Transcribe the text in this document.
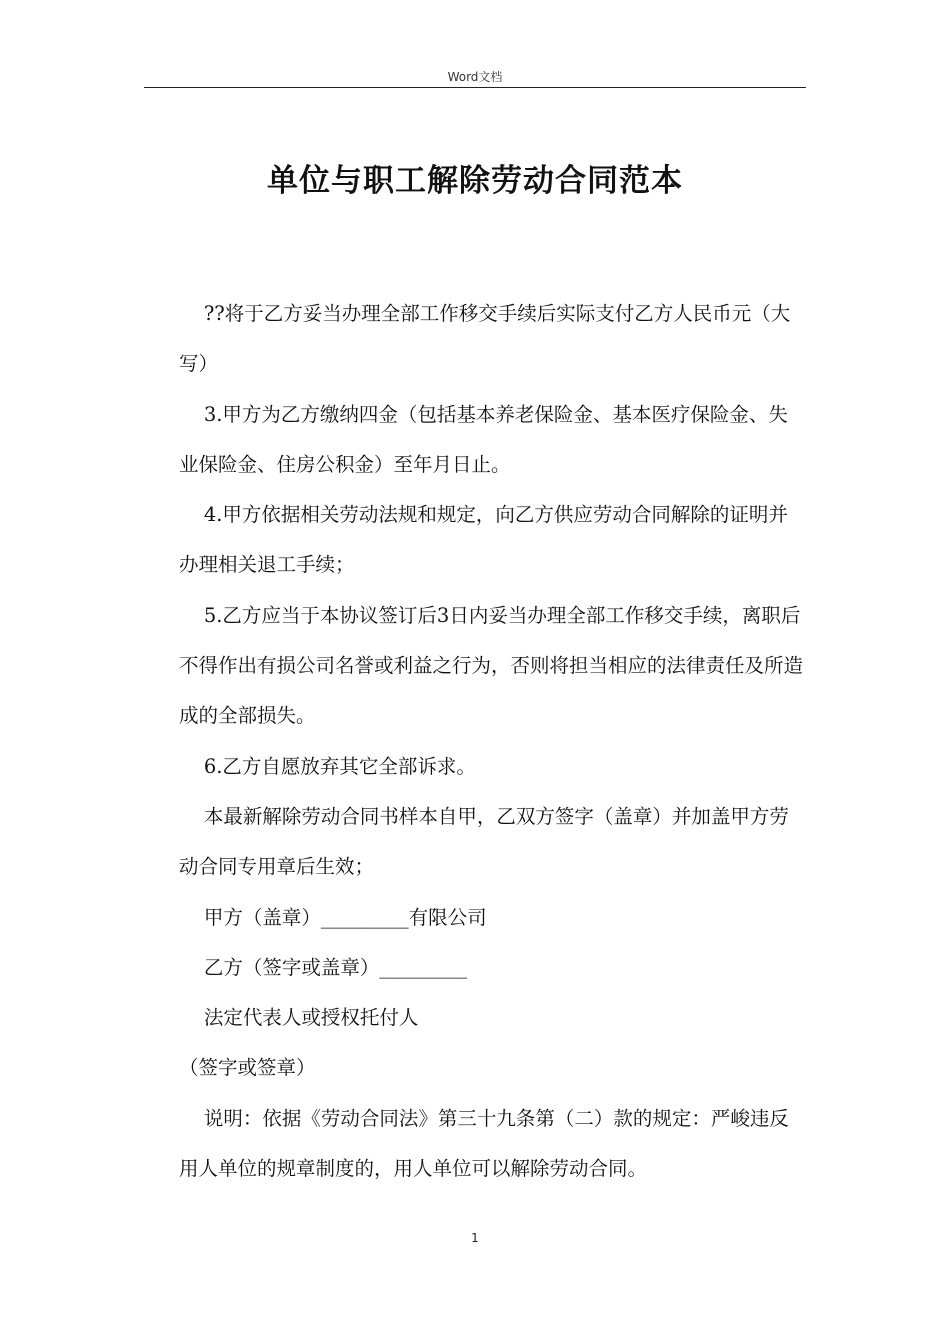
Word文档
单位与职工解除劳动合同范本

??将于乙方妥当办理全部工作移交手续后实际支付乙方人民币元（大写）

3.甲方为乙方缴纳四金（包括基本养老保险金、基本医疗保险金、失业保险金、住房公积金）至年月日止。

4.甲方依据相关劳动法规和规定，向乙方供应劳动合同解除的证明并办理相关退工手续；

5.乙方应当于本协议签订后3日内妥当办理全部工作移交手续，离职后不得作出有损公司名誉或利益之行为，否则将担当相应的法律责任及所造成的全部损失。

6.乙方自愿放弃其它全部诉求。

本最新解除劳动合同书样本自甲，乙双方签字（盖章）并加盖甲方劳动合同专用章后生效；

甲方（盖章）_________有限公司

乙方（签字或盖章）_________

法定代表人或授权托付人

（签字或签章）

说明：依据《劳动合同法》第三十九条第（二）款的规定：严峻违反用人单位的规章制度的，用人单位可以解除劳动合同。

1
